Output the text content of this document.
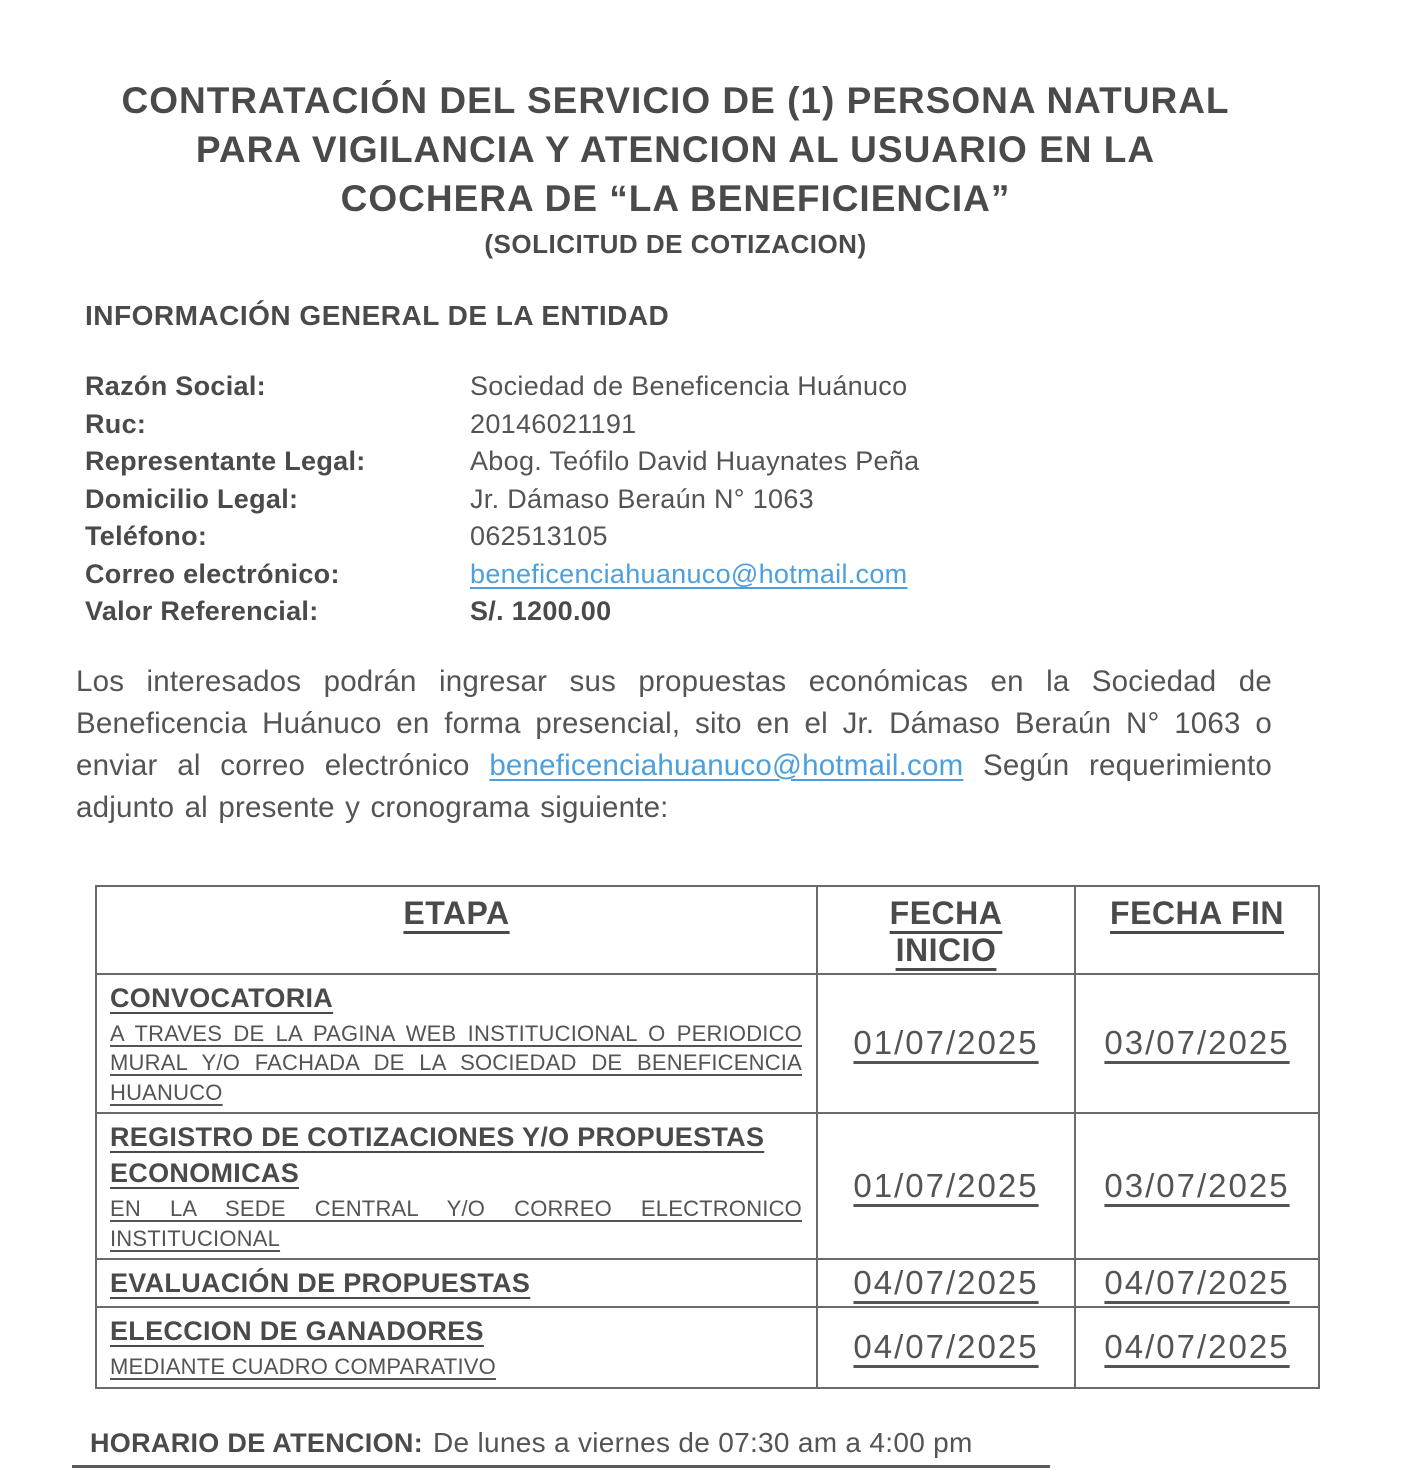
CONTRATACIÓN DEL SERVICIO DE (1) PERSONA NATURAL
PARA VIGILANCIA Y ATENCION AL USUARIO EN LA
COCHERA DE “LA BENEFICIENCIA”
(SOLICITUD DE COTIZACION)
INFORMACIÓN GENERAL DE LA ENTIDAD
Razón Social:	Sociedad de Beneficencia Huánuco
Ruc:	20146021191
Representante Legal:	Abog. Teófilo David Huaynates Peña
Domicilio Legal:	Jr. Dámaso Beraún N° 1063
Teléfono:	062513105
Correo electrónico:	beneficenciahuanuco@hotmail.com
Valor Referencial:	S/. 1200.00
Los interesados podrán ingresar sus propuestas económicas en la Sociedad de Beneficencia Huánuco en forma presencial, sito en el Jr. Dámaso Beraún N° 1063 o enviar al correo electrónico beneficenciahuanuco@hotmail.com Según requerimiento adjunto al presente y cronograma siguiente:
ETAPA	FECHA INICIO	FECHA FIN

CONVOCATORIA
A TRAVES DE LA PAGINA WEB INSTITUCIONAL O PERIODICO MURAL Y/O FACHADA DE LA SOCIEDAD DE BENEFICENCIA HUANUCO	01/07/2025	03/07/2025

REGISTRO DE COTIZACIONES Y/O PROPUESTAS ECONOMICAS
EN LA SEDE CENTRAL Y/O CORREO ELECTRONICO INSTITUCIONAL	01/07/2025	03/07/2025

EVALUACIÓN DE PROPUESTAS	04/07/2025	04/07/2025

ELECCION DE GANADORES
MEDIANTE CUADRO COMPARATIVO	04/07/2025	04/07/2025
HORARIO DE ATENCION: De lunes a viernes de 07:30 am a 4:00 pm
